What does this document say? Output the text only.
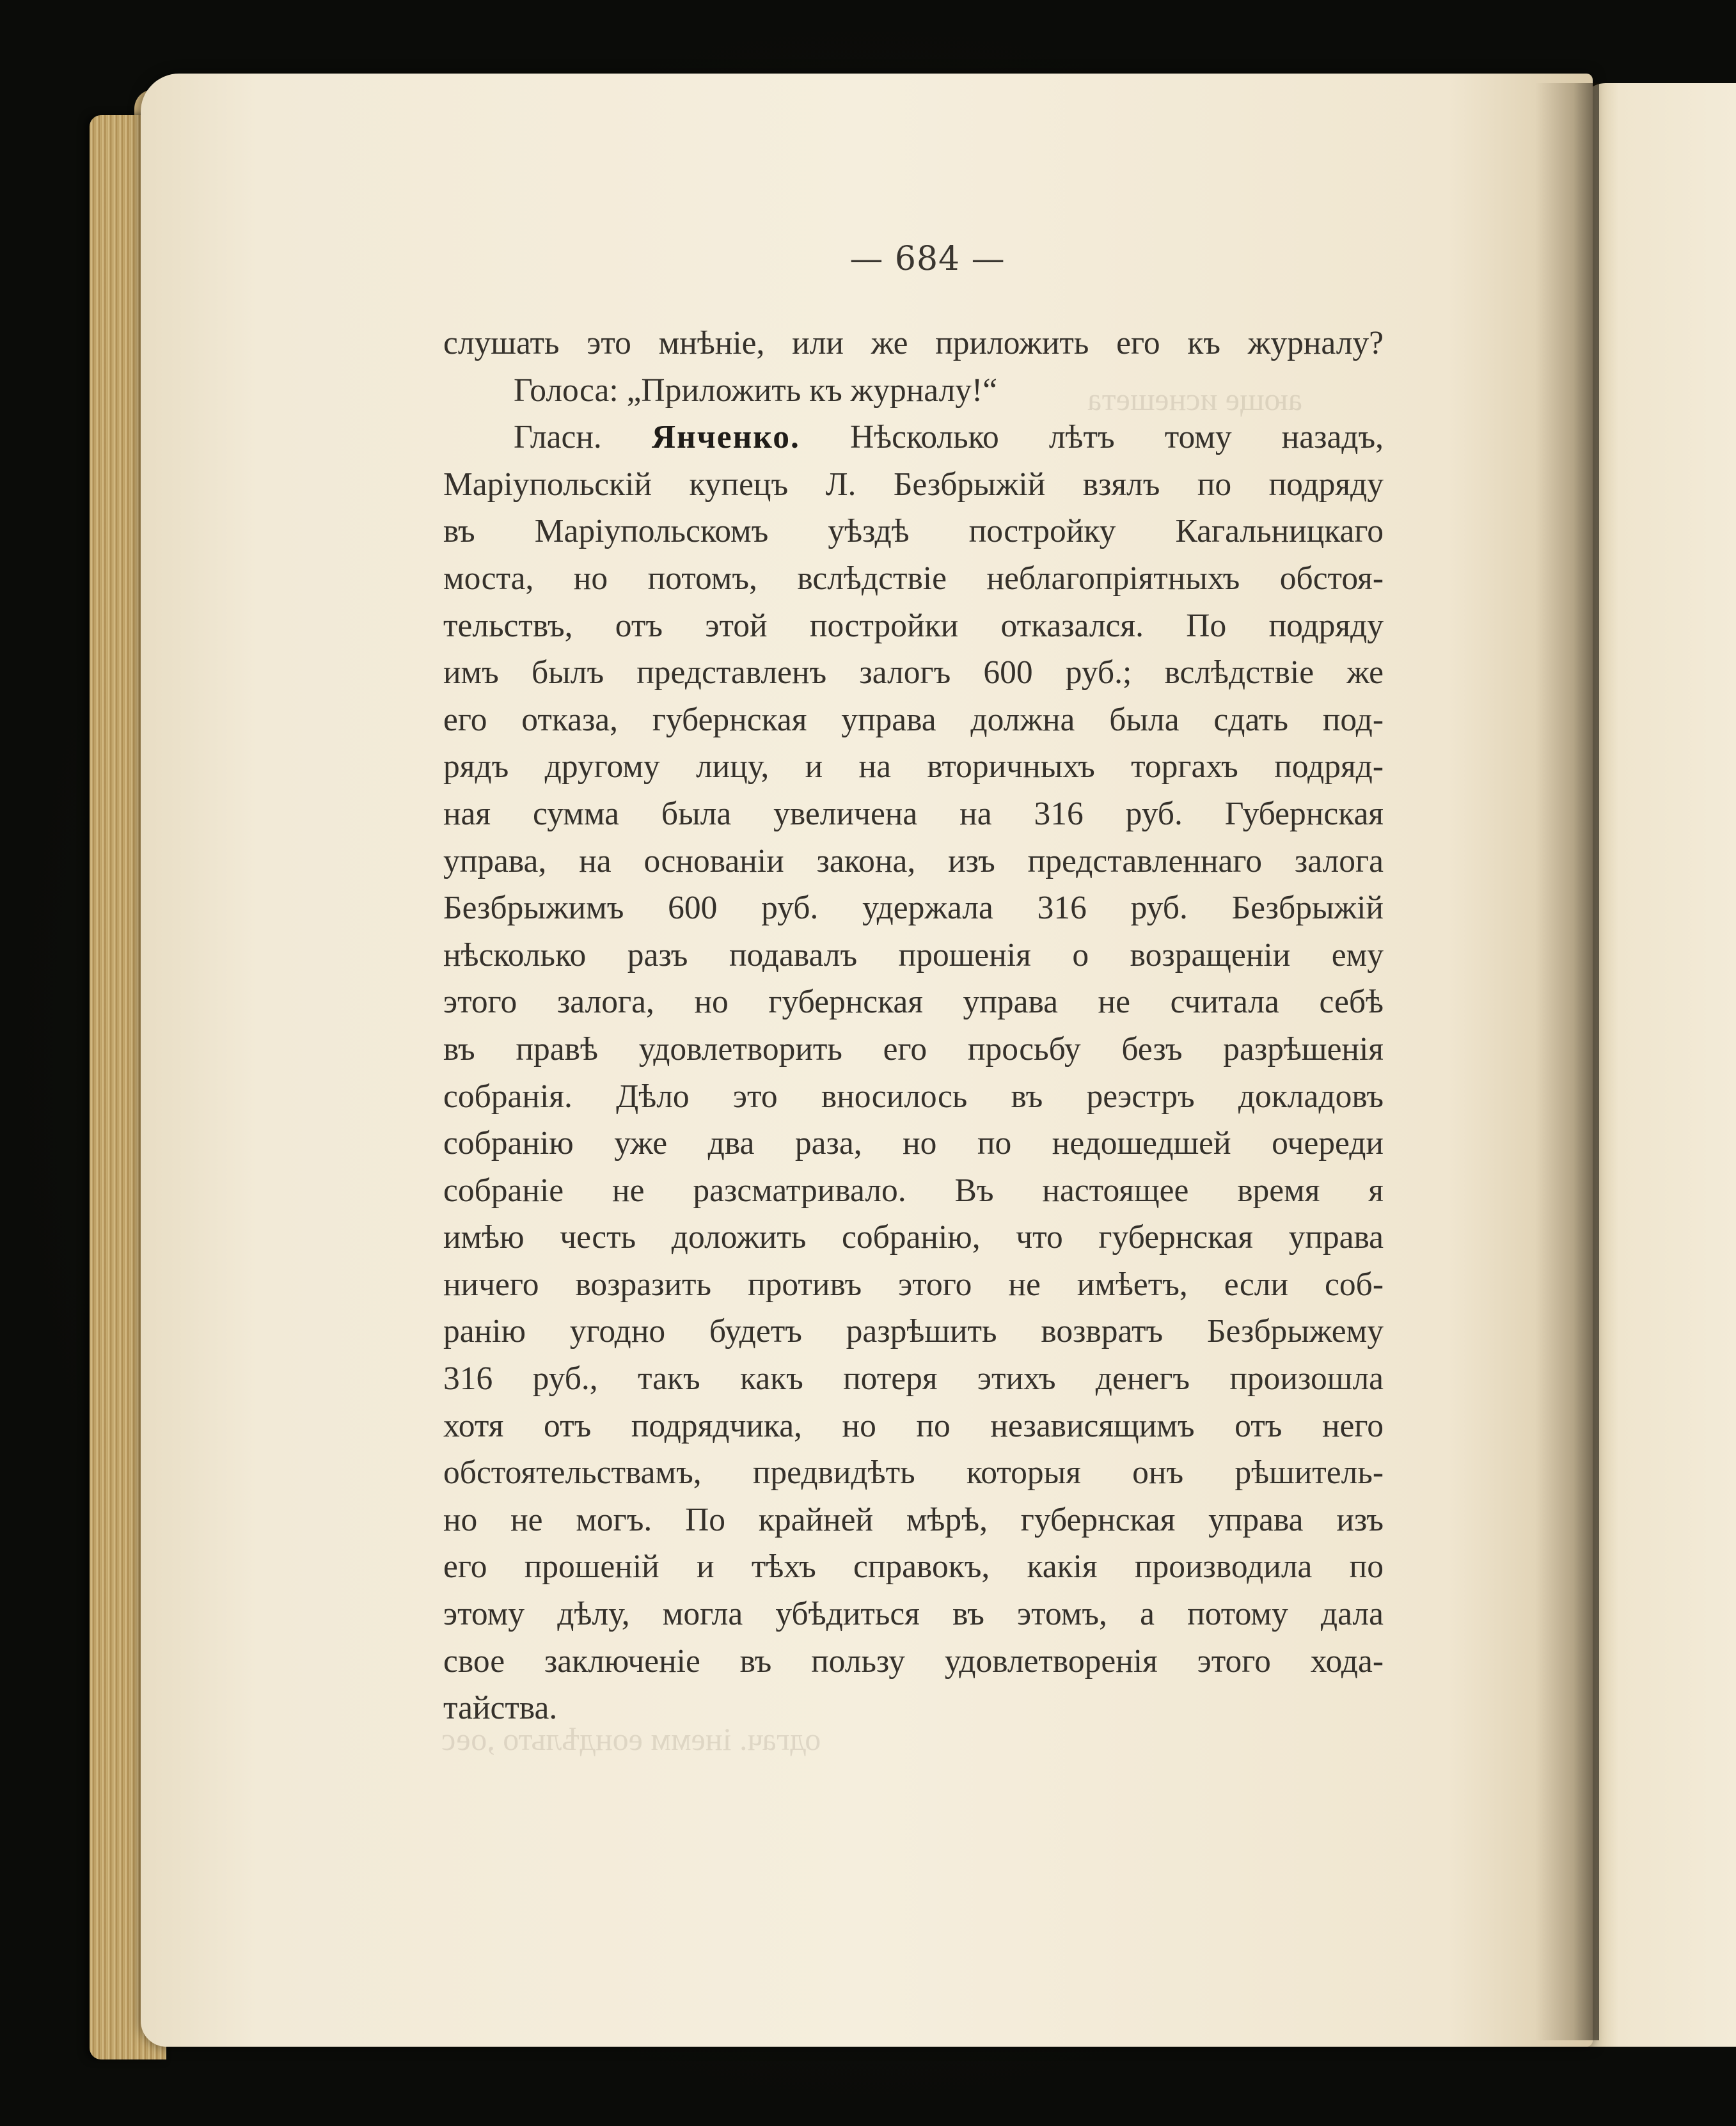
ающе иснешета
одгач. інемм еондѣльто ,оес
— 684 —
слушать это мнѣніе, или же приложить его къ журналу?
Голоса: „Приложить къ журналу!“
Гласн. Янченко. Нѣсколько лѣтъ тому назадъ,
Маріупольскій купецъ Л. Безбрыжій взялъ по подряду
въ Маріупольскомъ уѣздѣ постройку Кагальницкаго
моста, но потомъ, вслѣдствіе неблагопріятныхъ обстоя-
тельствъ, отъ этой постройки отказался. По подряду
имъ былъ представленъ залогъ 600 руб.; вслѣдствіе же
его отказа, губернская управа должна была сдать под-
рядъ другому лицу, и на вторичныхъ торгахъ подряд-
ная сумма была увеличена на 316 руб. Губернская
управа, на основаніи закона, изъ представленнаго залога
Безбрыжимъ 600 руб. удержала 316 руб. Безбрыжій
нѣсколько разъ подавалъ прошенія о возращеніи ему
этого залога, но губернская управа не считала себѣ
въ правѣ удовлетворить его просьбу безъ разрѣшенія
собранія. Дѣло это вносилось въ реэстръ докладовъ
собранію уже два раза, но по недошедшей очереди
собраніе не разсматривало. Въ настоящее время я
имѣю честь доложить собранію, что губернская управа
ничего возразить противъ этого не имѣетъ, если соб-
ранію угодно будетъ разрѣшить возвратъ Безбрыжему
316 руб., такъ какъ потеря этихъ денегъ произошла
хотя отъ подрядчика, но по независящимъ отъ него
обстоятельствамъ, предвидѣть которыя онъ рѣшитель-
но не могъ. По крайней мѣрѣ, губернская управа изъ
его прошеній и тѣхъ справокъ, какія производила по
этому дѣлу, могла убѣдиться въ этомъ, а потому дала
свое заключеніе въ пользу удовлетворенія этого хода-
тайства.
